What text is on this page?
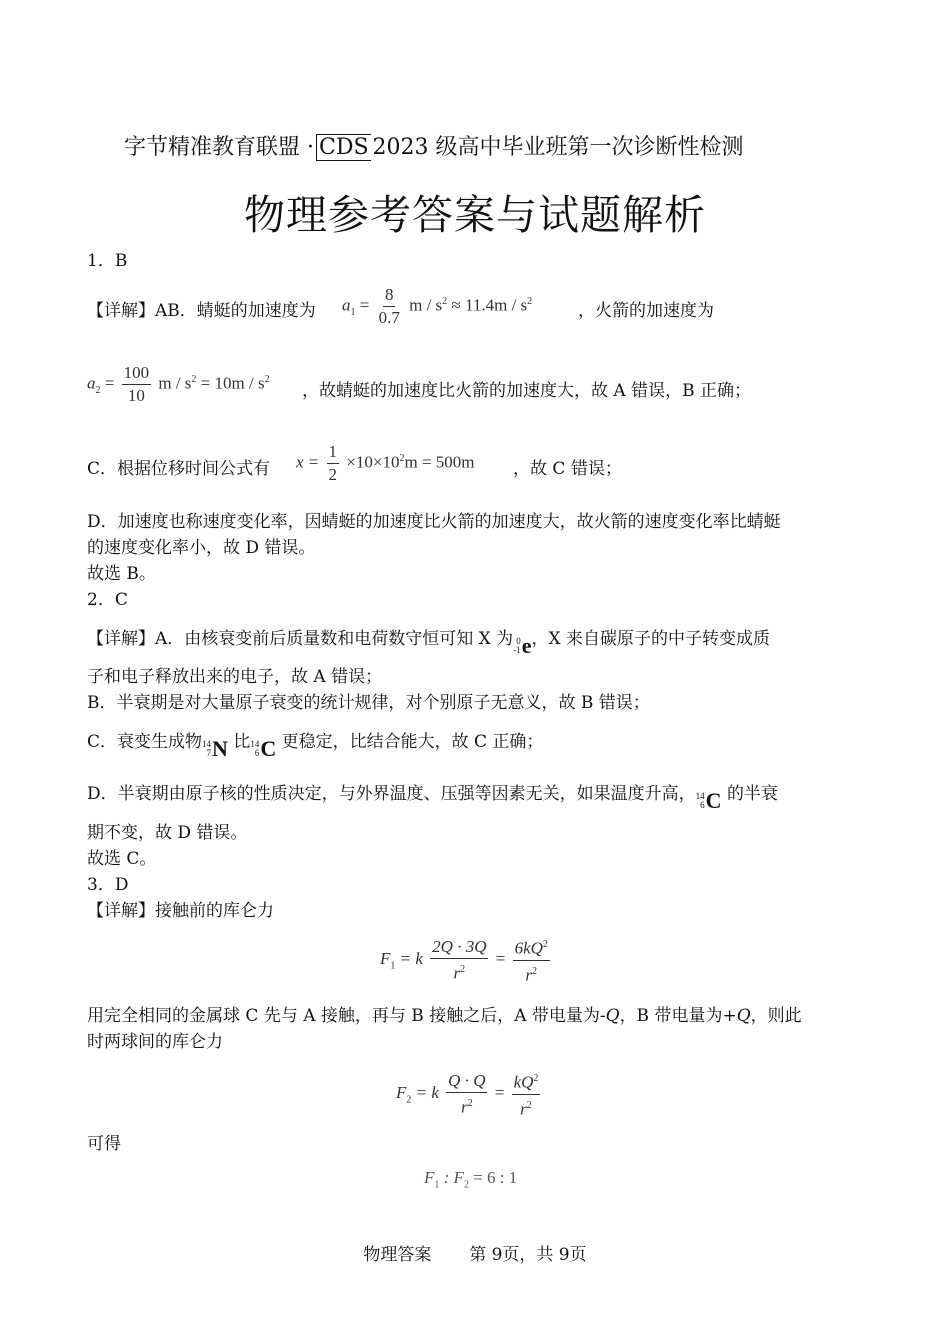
字节精准教育联盟 · CDS 2023 级高中毕业班第一次诊断性检测
物理参考答案与试题解析
1．B
【详解】AB．蜻蜓的加速度为 $a_1 = \frac{8}{0.7}$ $m / s^2 \approx 11.4m / s^2$	，火箭的加速度为
$a_2 = \frac{100}{10}$ $m / s^2 = 10m / s^2$
，故蜻蜓的加速度比火箭的加速度大，故 A 错误，B 正确；
C．根据位移时间公式有 $x = \frac{1}{2} \times 10\times 10^2m = 500m$ ，故 C 错误；
D．加速度也称速度变化率，因蜻蜓的加速度比火箭的加速度大，故火箭的速度变化率比蜻蜓
的速度变化率小，故 D 错误。
故选 B。
2．C
【详解】A．由核衰变前后质量数和电荷数守恒可知 X 为 0
-1 e ，X 来自碳原子的中子转变成质
子和电子释放出来的电子，故 A 错误；
B．半衰期是对大量原子衰变的统计规律，对个别原子无意义，故 B 错误；
C．衰变生成物 14
7 N 比 14
6 C 更稳定，比结合能大，故 C 正确；
D．半衰期由原子核的性质决定，与外界温度、压强等因素无关，如果温度升高， 14
6 C 的半衰
期不变，故 D 错误。
故选 C。
3．D
【详解】接触前的库仑力
$F_1 = k \frac{2Q \cdot 3Q}{r^2} = \frac{6kQ^2}{r^2}$
用完全相同的金属球 C 先与 A 接触，再与 B 接触之后，A 带电量为-Q，B 带电量为+Q，则此
时两球间的库仑力
$F_2 = k \frac{Q \cdot Q}{r^2} = \frac{kQ^2}{r^2}$
可得
$F_1$ : $F_2 = 6$ : 1
物理答案 第 9页，共 9页
